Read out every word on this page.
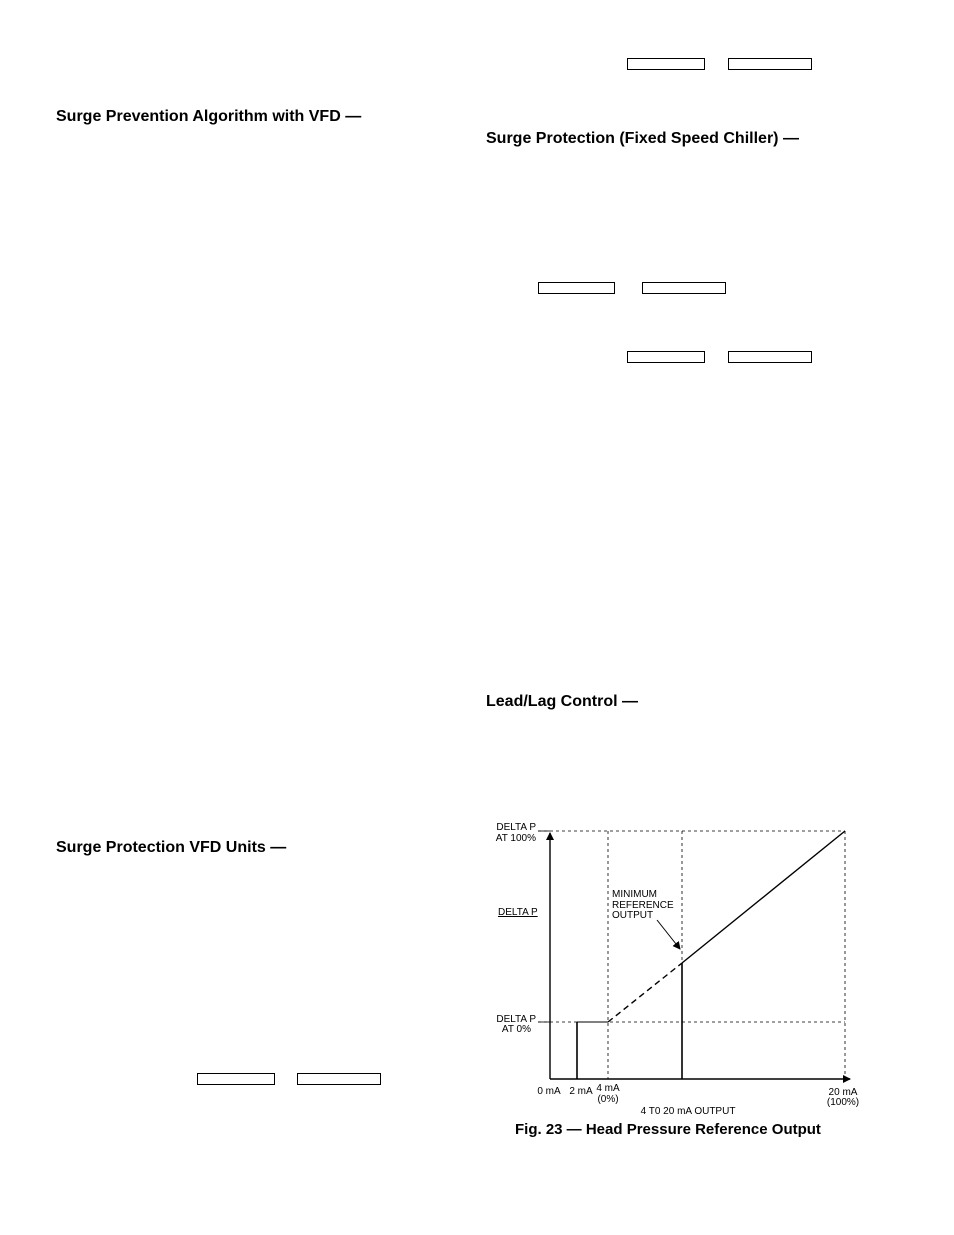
Surge Prevention Algorithm with VFD —
Surge Protection (Fixed Speed Chiller) —
Lead/Lag Control —
Surge Protection VFD Units —
DELTA P
AT 100%
DELTA P
DELTA P
AT 0%
MINIMUM
REFERENCE
OUTPUT
0 mA 2 mA 4 mA
(0%)
20 mA
(100%)
4 T0 20 mA OUTPUT
Fig. 23 — Head Pressure Reference Output
